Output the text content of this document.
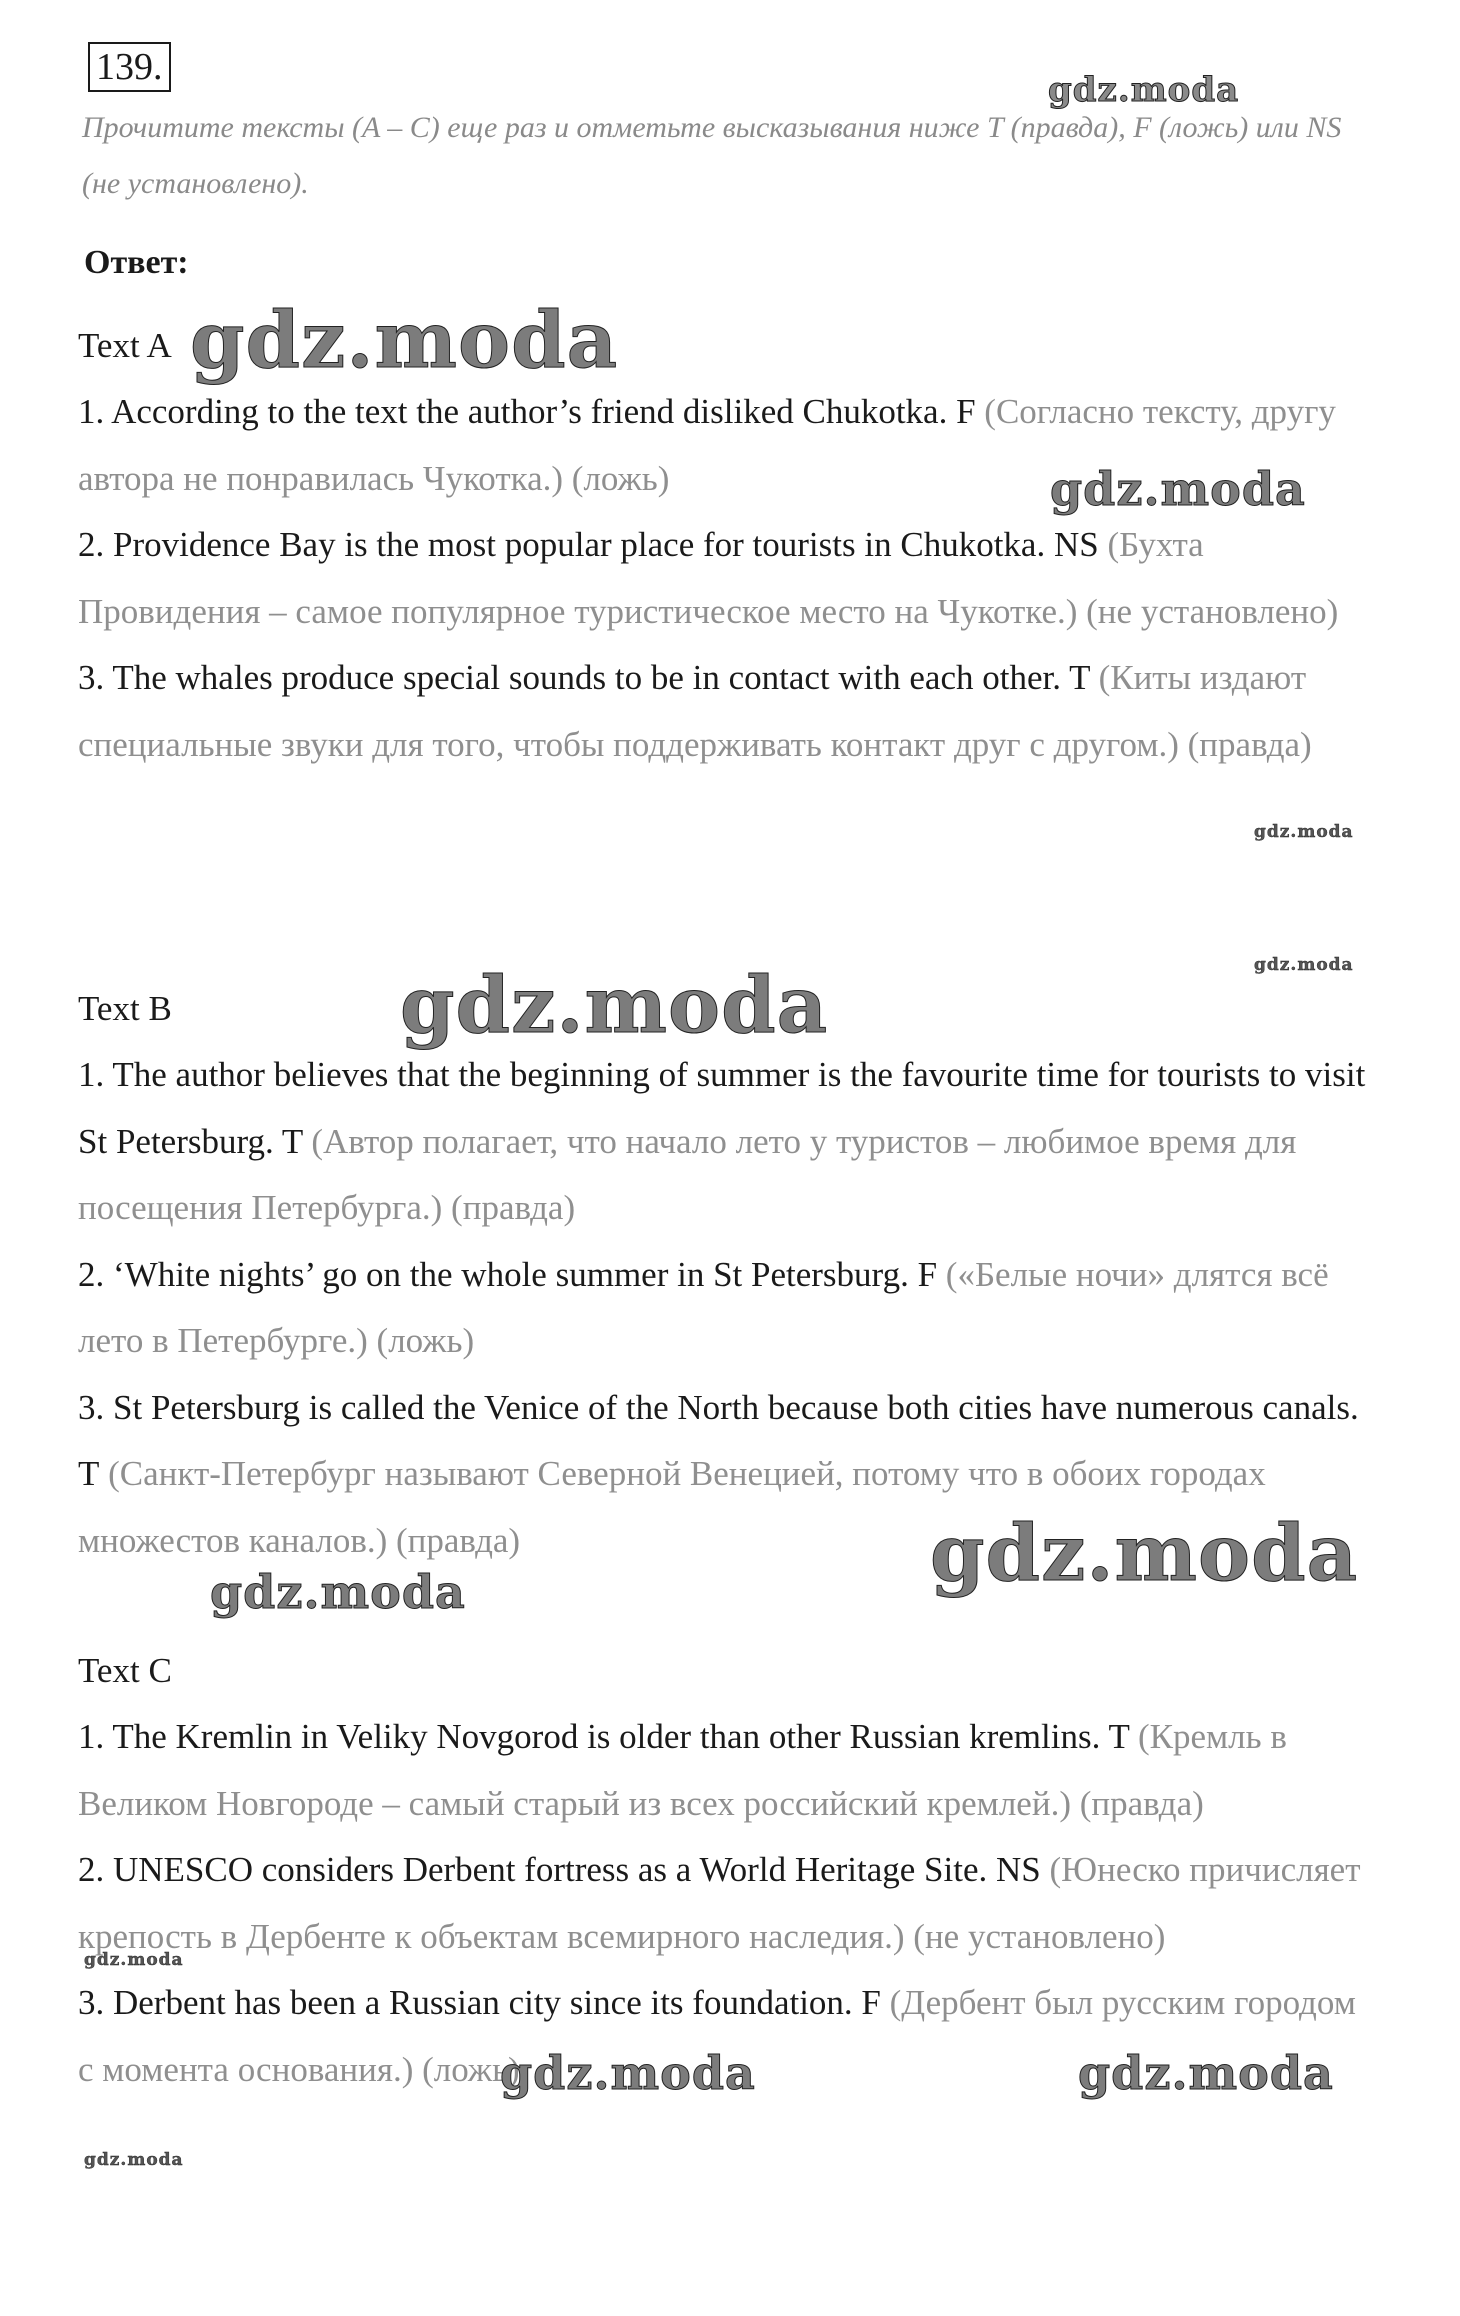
139.
Прочитите тексты (A – C) еще раз и отметьте высказывания ниже T (правда), F (ложь) или NS (не установлено).
Ответ:
Text A
1. According to the text the author’s friend disliked Chukotka. F (Согласно тексту, другу автора не понравилась Чукотка.) (ложь)
2. Providence Bay is the most popular place for tourists in Chukotka. NS (Бухта Провидения – самое популярное туристическое место на Чукотке.) (не установлено)
3. The whales produce special sounds to be in contact with each other. T (Киты издают специальные звуки для того, чтобы поддерживать контакт друг с другом.) (правда)
Text B
1. The author believes that the beginning of summer is the favourite time for tourists to visit St Petersburg. T (Автор полагает, что начало лето у туристов – любимое время для посещения Петербурга.) (правда)
2. ‘White nights’ go on the whole summer in St Petersburg. F («Белые ночи» длятся всё лето в Петербурге.) (ложь)
3. St Petersburg is called the Venice of the North because both cities have numerous canals. T (Санкт-Петербург называют Северной Венецией, потому что в обоих городах множестов каналов.) (правда)
Text C
1. The Kremlin in Veliky Novgorod is older than other Russian kremlins. T (Кремль в Великом Новгороде – самый старый из всех российский кремлей.) (правда)
2. UNESCO considers Derbent fortress as a World Heritage Site. NS (Юнеско причисляет крепость в Дербенте к объектам всемирного наследия.) (не установлено)
3. Derbent has been a Russian city since its foundation. F (Дербент был русским городом с момента основания.) (ложь)
gdz.moda
gdz.moda
gdz.moda
gdz.moda
gdz.moda
gdz.moda
gdz.moda
gdz.moda
gdz.moda
gdz.moda	gdz.moda
gdz.moda
